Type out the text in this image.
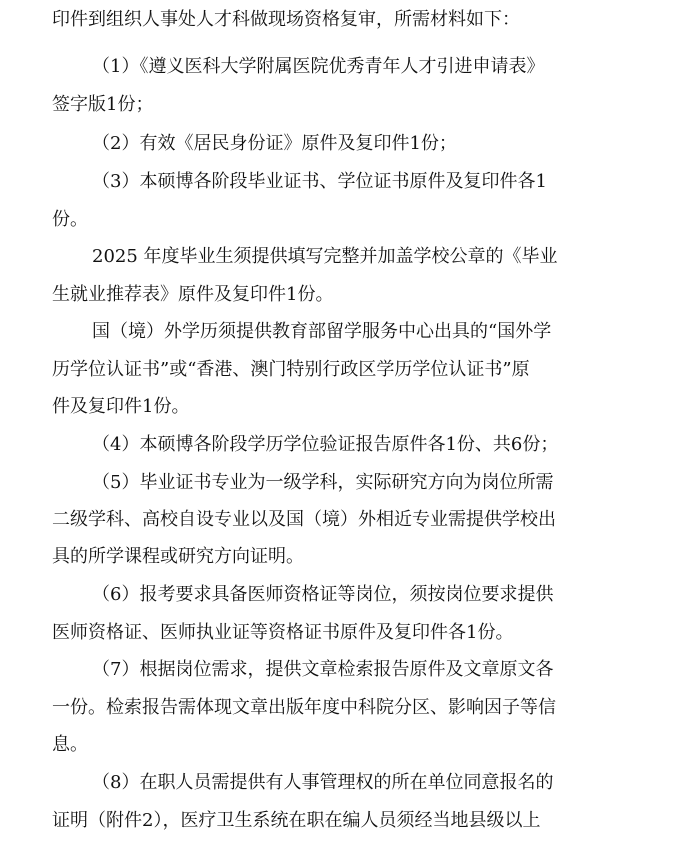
印件到组织人事处人才科做现场资格复审，所需材料如下：
（1）《遵义医科大学附属医院优秀青年人才引进申请表》
签字版1份；
（2）有效《居民身份证》原件及复印件1份；
（3）本硕博各阶段毕业证书、学位证书原件及复印件各1
份。
2025 年度毕业生须提供填写完整并加盖学校公章的《毕业
生就业推荐表》原件及复印件1份。
国（境）外学历须提供教育部留学服务中心出具的“国外学
历学位认证书”或“香港、澳门特别行政区学历学位认证书”原
件及复印件1份。
（4）本硕博各阶段学历学位验证报告原件各1份、共6份；
（5）毕业证书专业为一级学科，实际研究方向为岗位所需
二级学科、高校自设专业以及国（境）外相近专业需提供学校出
具的所学课程或研究方向证明。
（6）报考要求具备医师资格证等岗位，须按岗位要求提供
医师资格证、医师执业证等资格证书原件及复印件各1份。
（7）根据岗位需求，提供文章检索报告原件及文章原文各
一份。检索报告需体现文章出版年度中科院分区、影响因子等信
息。
（8）在职人员需提供有人事管理权的所在单位同意报名的
证明（附件2），医疗卫生系统在职在编人员须经当地县级以上
